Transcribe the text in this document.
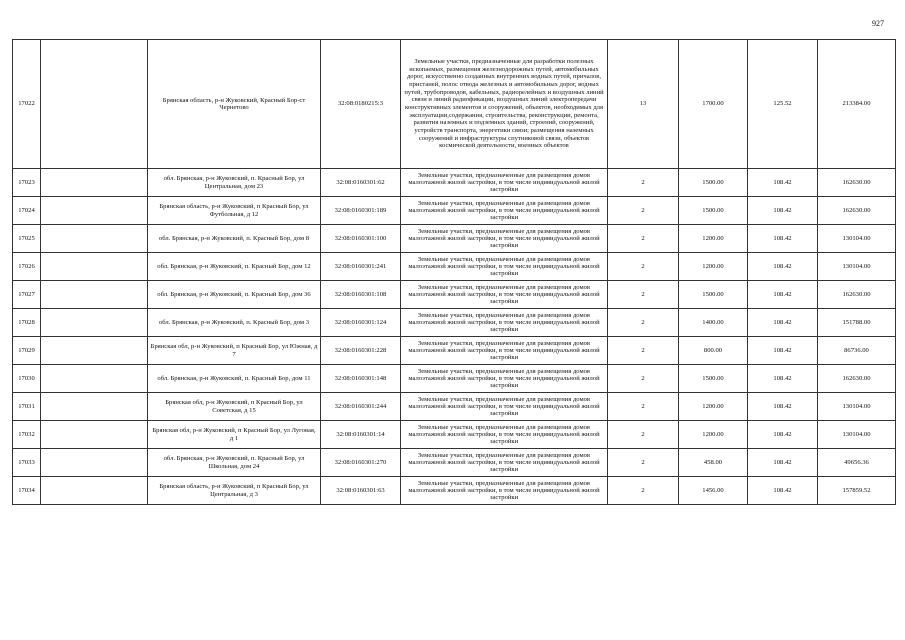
927
17022		Брянская область, р-н Жуковский, Красный Бор-ст Чернетово	32:08:0180215:3	Земельные участки, предназначенные для разработки полезных ископаемых, размещения железнодорожных путей, автомобильных дорог, искусственно созданных внутренних водных путей, причалов, пристаней, полос отвода железных и автомобильных дорог, водных путей, трубопроводов, кабельных, радиорелейных и воздушных линий связи и линий радиофикации, воздушных линий электропередачи конструктивных элементов и сооружений, объектов, необходимых для эксплуатации,содержания, строительства, реконструкции, ремонта, развития наземных и подземных зданий, строений, сооружений, устройств транспорта, энергетики связи; размещения наземных сооружений и инфраструктуры спутниковой связи, объектов космической деятельности, военных объектов	13	1700.00	125.52	213384.00
17023		обл. Брянская, р-н Жуковский, п. Красный Бор, ул Центральная, дом 23	32:08:0160301:62	Земельные участки, предназначенные для размещения домов малоэтажной жилой застройки, в том числе индивидуальной жилой застройки	2	1500.00	108.42	162630.00
17024		Брянская область, р-н Жуковский, п Красный Бор, ул Футбольная, д 12	32:08:0160301:189	Земельные участки, предназначенные для размещения домов малоэтажной жилой застройки, в том числе индивидуальной жилой застройки	2	1500.00	108.42	162630.00
17025		обл. Брянская, р-н Жуковский, п. Красный Бор, дом 8	32:08:0160301:100	Земельные участки, предназначенные для размещения домов малоэтажной жилой застройки, в том числе индивидуальной жилой застройки	2	1200.00	108.42	130104.00
17026		обл. Брянская, р-н Жуковский, п. Красный Бор, дом 12	32:08:0160301:241	Земельные участки, предназначенные для размещения домов малоэтажной жилой застройки, в том числе индивидуальной жилой застройки	2	1200.00	108.42	130104.00
17027		обл. Брянская, р-н Жуковский, п. Красный Бор, дом 36	32:08:0160301:108	Земельные участки, предназначенные для размещения домов малоэтажной жилой застройки, в том числе индивидуальной жилой застройки	2	1500.00	108.42	162630.00
17028		обл. Брянская, р-н Жуковский, п. Красный Бор, дом 3	32:08:0160301:124	Земельные участки, предназначенные для размещения домов малоэтажной жилой застройки, в том числе индивидуальной жилой застройки	2	1400.00	108.42	151788.00
17029		Брянская обл, р-н Жуковский, п Красный Бор, ул Южная, д 7	32:08:0160301:228	Земельные участки, предназначенные для размещения домов малоэтажной жилой застройки, в том числе индивидуальной жилой застройки	2	800.00	108.42	86736.00
17030		обл. Брянская, р-н Жуковский, п. Красный Бор, дом 11	32:08:0160301:148	Земельные участки, предназначенные для размещения домов малоэтажной жилой застройки, в том числе индивидуальной жилой застройки	2	1500.00	108.42	162630.00
17031		Брянская обл, р-н Жуковский, п Красный Бор, ул Советская, д 15	32:08:0160301:244	Земельные участки, предназначенные для размещения домов малоэтажной жилой застройки, в том числе индивидуальной жилой застройки	2	1200.00	108.42	130104.00
17032		Брянская обл, р-н Жуковский, п Красный Бор, ул Луговая, д 1	32:08:0160301:14	Земельные участки, предназначенные для размещения домов малоэтажной жилой застройки, в том числе индивидуальной жилой застройки	2	1200.00	108.42	130104.00
17033		обл. Брянская, р-н Жуковский, п. Красный Бор, ул Школьная, дом 24	32:08:0160301:270	Земельные участки, предназначенные для размещения домов малоэтажной жилой застройки, в том числе индивидуальной жилой застройки	2	458.00	108.42	49656.36
17034		Брянская область, р-н Жуковский, п Красный Бор, ул Центральная, д 3	32:08:0160301:63	Земельные участки, предназначенные для размещения домов малоэтажной жилой застройки, в том числе индивидуальной жилой застройки	2	1456.00	108.42	157859.52
